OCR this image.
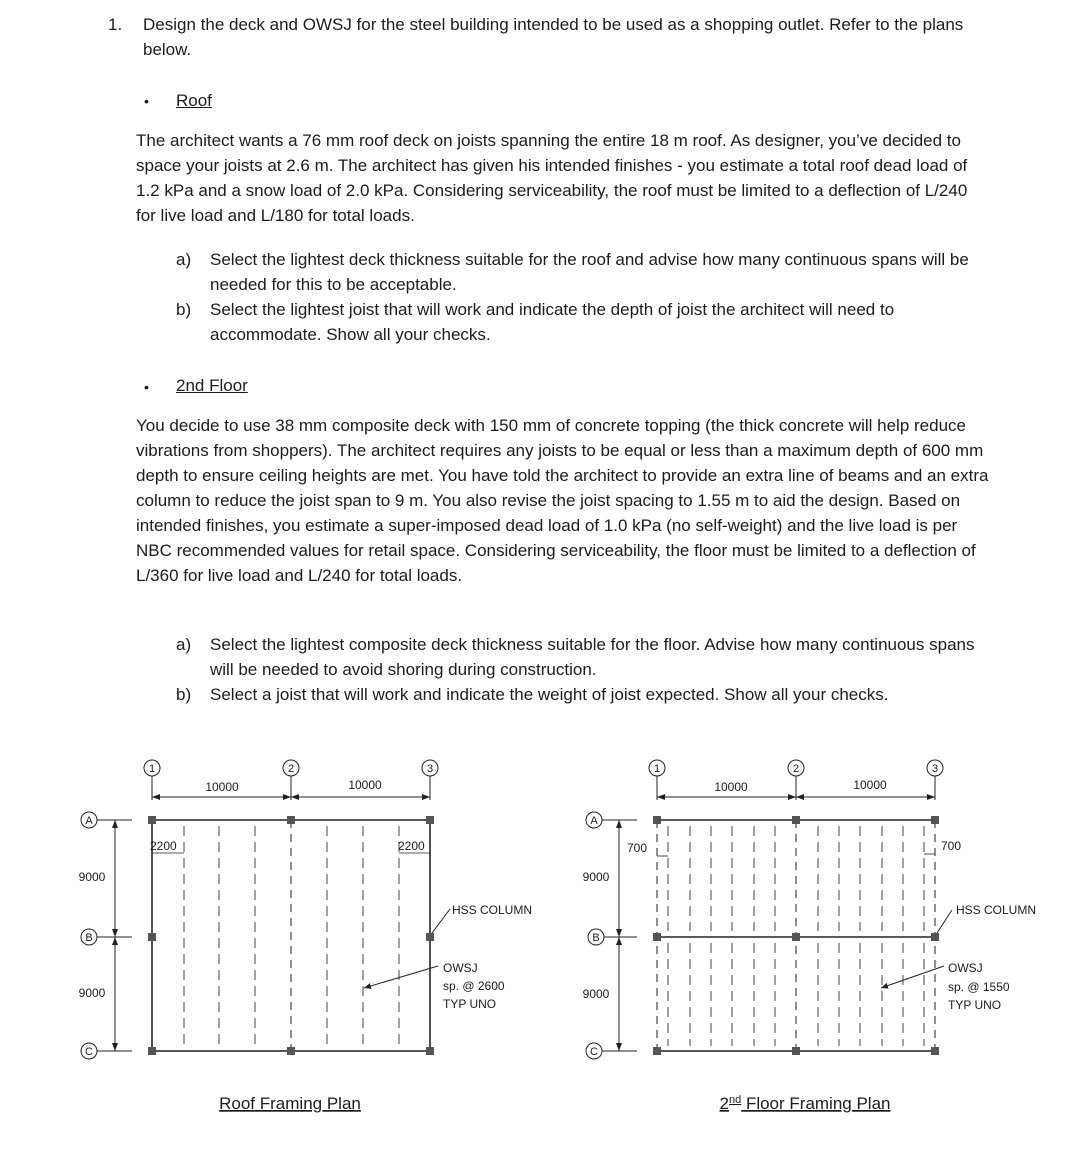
1. Design the deck and OWSJ for the steel building intended to be used as a shopping outlet. Refer to the plans below.
• Roof
The architect wants a 76 mm roof deck on joists spanning the entire 18 m roof. As designer, you’ve decided to space your joists at 2.6 m. The architect has given his intended finishes - you estimate a total roof dead load of 1.2 kPa and a snow load of 2.0 kPa. Considering serviceability, the roof must be limited to a deflection of L/240 for live load and L/180 for total loads.
a)	Select the lightest deck thickness suitable for the roof and advise how many continuous spans will be needed for this to be acceptable.
b)	Select the lightest joist that will work and indicate the depth of joist the architect will need to accommodate. Show all your checks.
• 2nd Floor
You decide to use 38 mm composite deck with 150 mm of concrete topping (the thick concrete will help reduce vibrations from shoppers). The architect requires any joists to be equal or less than a maximum depth of 600 mm depth to ensure ceiling heights are met. You have told the architect to provide an extra line of beams and an extra column to reduce the joist span to 9 m. You also revise the joist spacing to 1.55 m to aid the design. Based on intended finishes, you estimate a super-imposed dead load of 1.0 kPa (no self-weight) and the live load is per NBC recommended values for retail space. Considering serviceability, the floor must be limited to a deflection of L/360 for live load and L/240 for total loads.
a)	Select the lightest composite deck thickness suitable for the floor. Advise how many continuous spans will be needed to avoid shoring during construction.
b)	Select a joist that will work and indicate the weight of joist expected. Show all your checks.
1	2	3
10000	10000
A
B
C
9000
9000
2200	2200
HSS COLUMN
OWSJ
sp. @ 2600
TYP UNO
Roof Framing Plan
1	2	3
10000	10000
A
B
C
9000
9000
700	700
HSS COLUMN
OWSJ
sp. @ 1550
TYP UNO
2nd Floor Framing Plan
